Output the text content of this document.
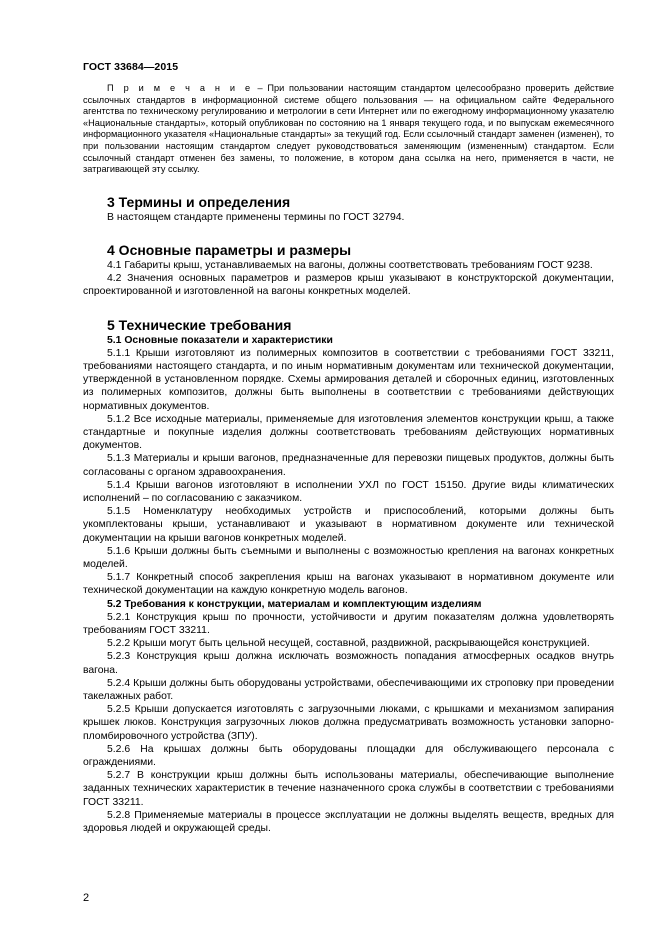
ГОСТ 33684—2015

П р и м е ч а н и е – При пользовании настоящим стандартом целесообразно проверить действие ссылочных стандартов в информационной системе общего пользования — на официальном сайте Федерального агентства по техническому регулированию и метрологии в сети Интернет или по ежегодному информационному указателю «Национальные стандарты», который опубликован по состоянию на 1 января текущего года, и по выпускам ежемесячного информационного указателя «Национальные стандарты» за текущий год. Если ссылочный стандарт заменен (изменен), то при пользовании настоящим стандартом следует руководствоваться заменяющим (измененным) стандартом. Если ссылочный стандарт отменен без замены, то положение, в котором дана ссылка на него, применяется в части, не затрагивающей эту ссылку.

3 Термины и определения

В настоящем стандарте применены термины по ГОСТ 32794.

4 Основные параметры и размеры

4.1 Габариты крыш, устанавливаемых на вагоны, должны соответствовать требованиям ГОСТ 9238.

4.2 Значения основных параметров и размеров крыш указывают в конструкторской документации, спроектированной и изготовленной на вагоны конкретных моделей.

5 Технические требования

5.1 Основные показатели и характеристики

5.1.1 Крыши изготовляют из полимерных композитов в соответствии с требованиями ГОСТ 33211, требованиями настоящего стандарта, и по иным нормативным документам или технической документации, утвержденной в установленном порядке. Схемы армирования деталей и сборочных единиц, изготовленных из полимерных композитов, должны быть выполнены в соответствии с требованиями действующих нормативных документов.

5.1.2 Все исходные материалы, применяемые для изготовления элементов конструкции крыш, а также стандартные и покупные изделия должны соответствовать требованиям действующих нормативных документов.

5.1.3 Материалы и крыши вагонов, предназначенные для перевозки пищевых продуктов, должны быть согласованы с органом здравоохранения.

5.1.4 Крыши вагонов изготовляют в исполнении УХЛ по ГОСТ 15150. Другие виды климатических исполнений – по согласованию с заказчиком.

5.1.5 Номенклатуру необходимых устройств и приспособлений, которыми должны быть укомплектованы крыши, устанавливают и указывают в нормативном документе или технической документации на крыши вагонов конкретных моделей.

5.1.6 Крыши должны быть съемными и выполнены с возможностью крепления на вагонах конкретных моделей.

5.1.7 Конкретный способ закрепления крыш на вагонах указывают в нормативном документе или технической документации на каждую конкретную модель вагонов.

5.2 Требования к конструкции, материалам и комплектующим изделиям

5.2.1 Конструкция крыш по прочности, устойчивости и другим показателям должна удовлетворять требованиям ГОСТ 33211.

5.2.2 Крыши могут быть цельной несущей, составной, раздвижной, раскрывающейся конструкцией.

5.2.3 Конструкция крыш должна исключать возможность попадания атмосферных осадков внутрь вагона.

5.2.4 Крыши должны быть оборудованы устройствами, обеспечивающими их строповку при проведении такелажных работ.

5.2.5 Крыши допускается изготовлять с загрузочными люками, с крышками и механизмом запирания крышек люков. Конструкция загрузочных люков должна предусматривать возможность установки запорно-пломбировочного устройства (ЗПУ).

5.2.6 На крышах должны быть оборудованы площадки для обслуживающего персонала с ограждениями.

5.2.7 В конструкции крыш должны быть использованы материалы, обеспечивающие выполнение заданных технических характеристик в течение назначенного срока службы в соответствии с требованиями ГОСТ 33211.

5.2.8 Применяемые материалы в процессе эксплуатации не должны выделять веществ, вредных для здоровья людей и окружающей среды.

2
